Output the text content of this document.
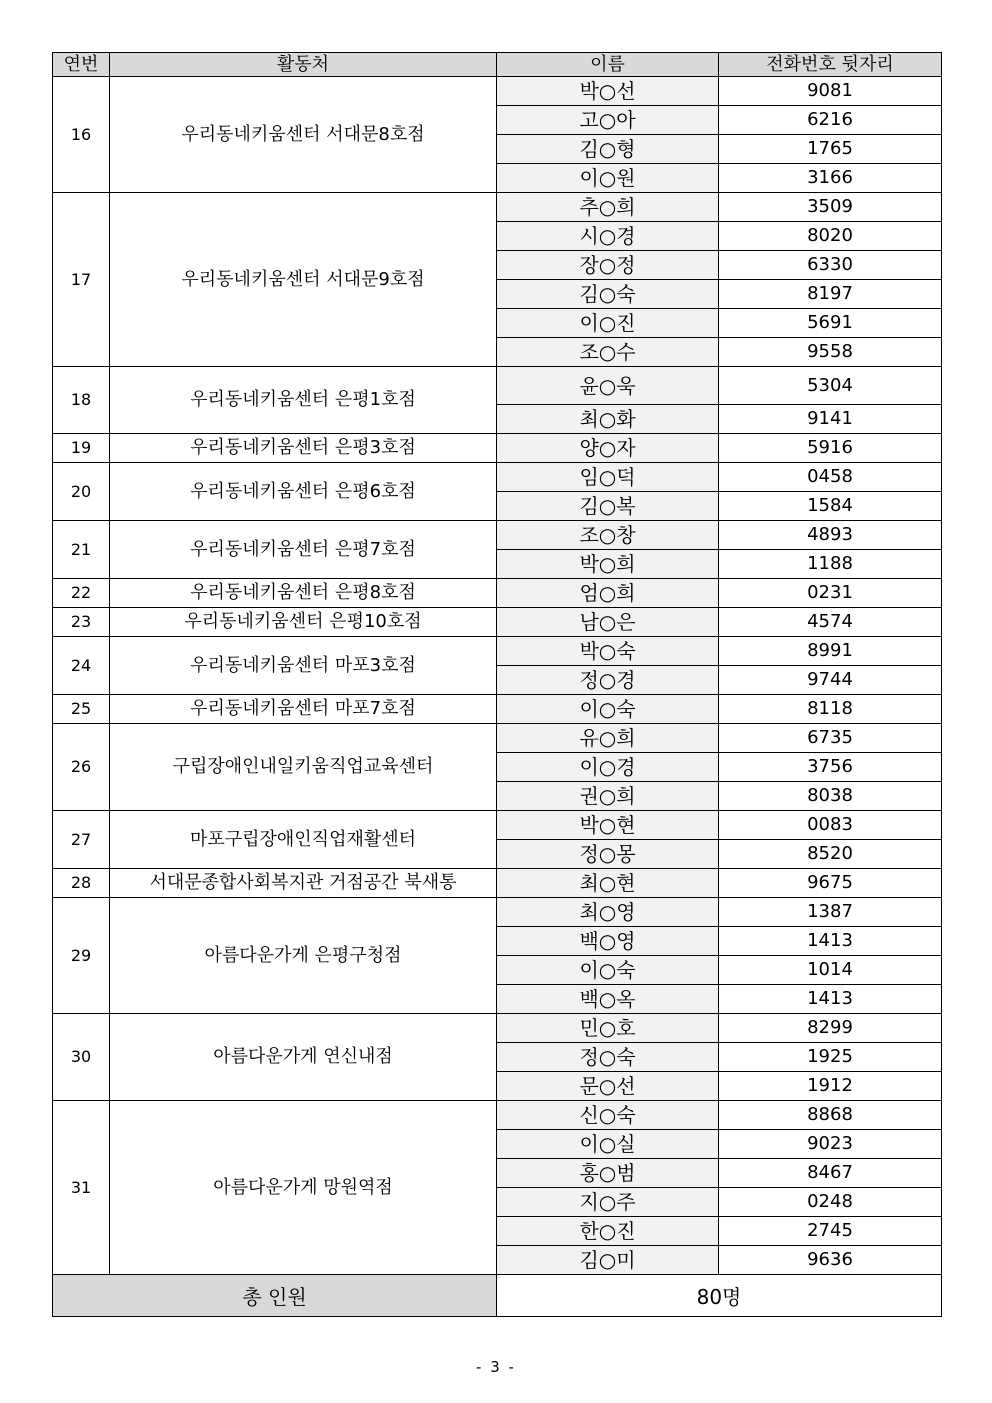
연번	활동처	이름	전화번호 뒷자리
16	우리동네키움센터 서대문8호점	박○선	9081
		고○아	6216
		김○형	1765
		이○원	3166
17	우리동네키움센터 서대문9호점	추○희	3509
		시○경	8020
		장○정	6330
		김○숙	8197
		이○진	5691
		조○수	9558
18	우리동네키움센터 은평1호점	윤○욱	5304
		최○화	9141
19	우리동네키움센터 은평3호점	양○자	5916
20	우리동네키움센터 은평6호점	임○덕	0458
		김○복	1584
21	우리동네키움센터 은평7호점	조○창	4893
		박○희	1188
22	우리동네키움센터 은평8호점	엄○희	0231
23	우리동네키움센터 은평10호점	남○은	4574
24	우리동네키움센터 마포3호점	박○숙	8991
		정○경	9744
25	우리동네키움센터 마포7호점	이○숙	8118
26	구립장애인내일키움직업교육센터	유○희	6735
		이○경	3756
		권○희	8038
27	마포구립장애인직업재활센터	박○현	0083
		정○몽	8520
28	서대문종합사회복지관 거점공간 북새통	최○현	9675
29	아름다운가게 은평구청점	최○영	1387
		백○영	1413
		이○숙	1014
		백○옥	1413
30	아름다운가게 연신내점	민○호	8299
		정○숙	1925
		문○선	1912
31	아름다운가게 망원역점	신○숙	8868
		이○실	9023
		홍○범	8467
		지○주	0248
		한○진	2745
		김○미	9636
총 인원		80명	
- 3 -
